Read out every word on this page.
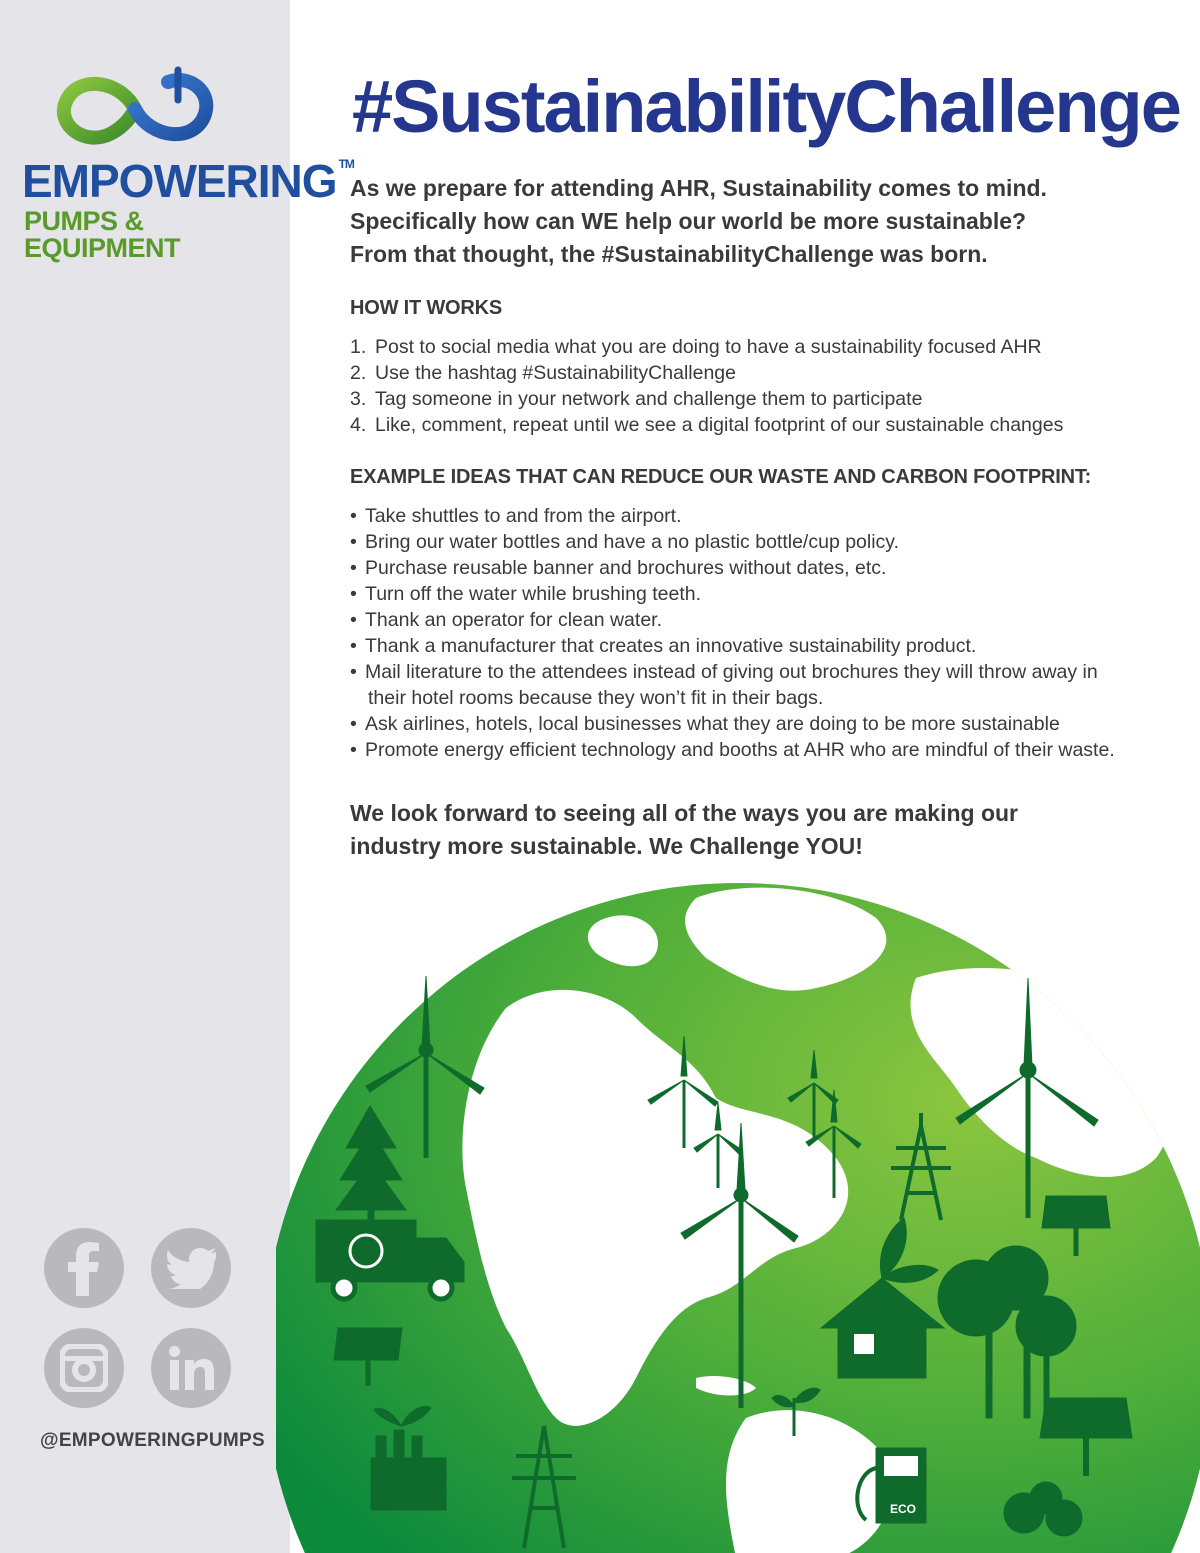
EMPOWERING ™
PUMPS & EQUIPMENT
@EMPOWERINGPUMPS
#SustainabilityChallenge
As we prepare for attending AHR, Sustainability comes to mind.
Specifically how can WE help our world be more sustainable?
From that thought, the #SustainabilityChallenge was born.
HOW IT WORKS
1. Post to social media what you are doing to have a sustainability focused AHR
2. Use the hashtag #SustainabilityChallenge
3. Tag someone in your network and challenge them to participate
4. Like, comment, repeat until we see a digital footprint of our sustainable changes
EXAMPLE IDEAS THAT CAN REDUCE OUR WASTE AND CARBON FOOTPRINT:
• Take shuttles to and from the airport.
• Bring our water bottles and have a no plastic bottle/cup policy.
• Purchase reusable banner and brochures without dates, etc.
• Turn off the water while brushing teeth.
• Thank an operator for clean water.
• Thank a manufacturer that creates an innovative sustainability product.
• Mail literature to the attendees instead of giving out brochures they will throw away in
their hotel rooms because they won’t fit in their bags.
• Ask airlines, hotels, local businesses what they are doing to be more sustainable
• Promote energy efficient technology and booths at AHR who are mindful of their waste.
We look forward to seeing all of the ways you are making our
industry more sustainable. We Challenge YOU!
ECO
